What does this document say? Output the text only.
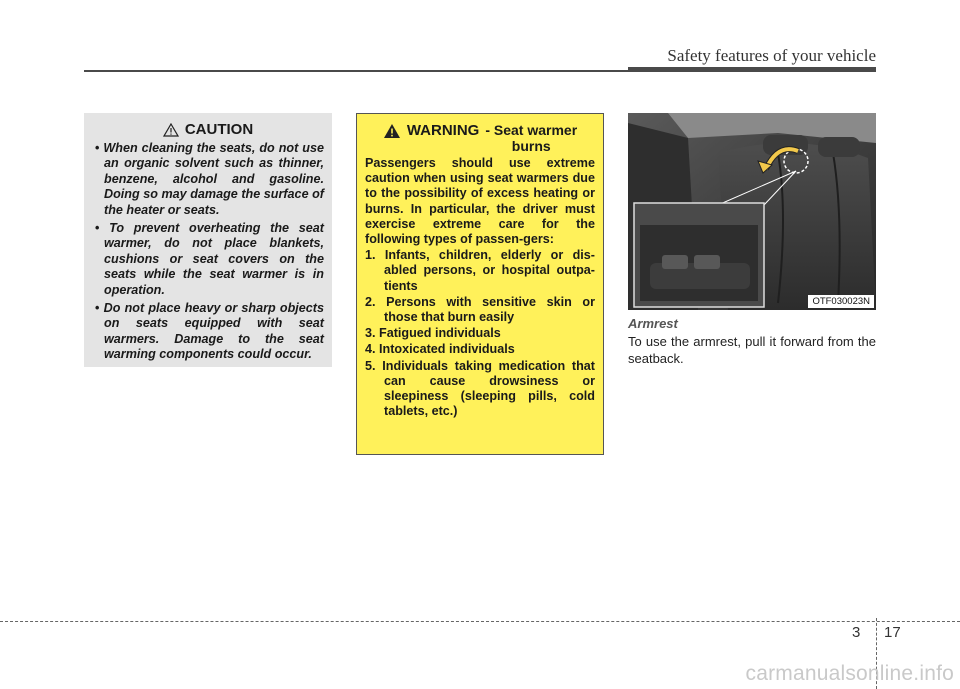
Safety features of your vehicle
CAUTION
• When cleaning the seats, do not use an organic solvent such as thinner, benzene, alcohol and gasoline. Doing so may damage the surface of the heater or seats.
• To prevent overheating the seat warmer, do not place blankets, cushions or seat covers on the seats while the seat warmer is in operation.
• Do not place heavy or sharp objects on seats equipped with seat warmers. Damage to the seat warming components could occur.
WARNING - Seat warmer
burns

Passengers should use extreme caution when using seat warmers due to the possibility of excess heating or burns. In particular, the driver must exercise extreme care for the following types of passen-gers:

1. Infants, children, elderly or dis-abled persons, or hospital outpa-tients
2. Persons with sensitive skin or those that burn easily
3. Fatigued individuals
4. Intoxicated individuals
5. Individuals taking medication that can cause drowsiness or sleepiness (sleeping pills, cold tablets, etc.)
OTF030023N
Armrest

To use the armrest, pull it forward from the seatback.

3 17
carmanualsonline.info
